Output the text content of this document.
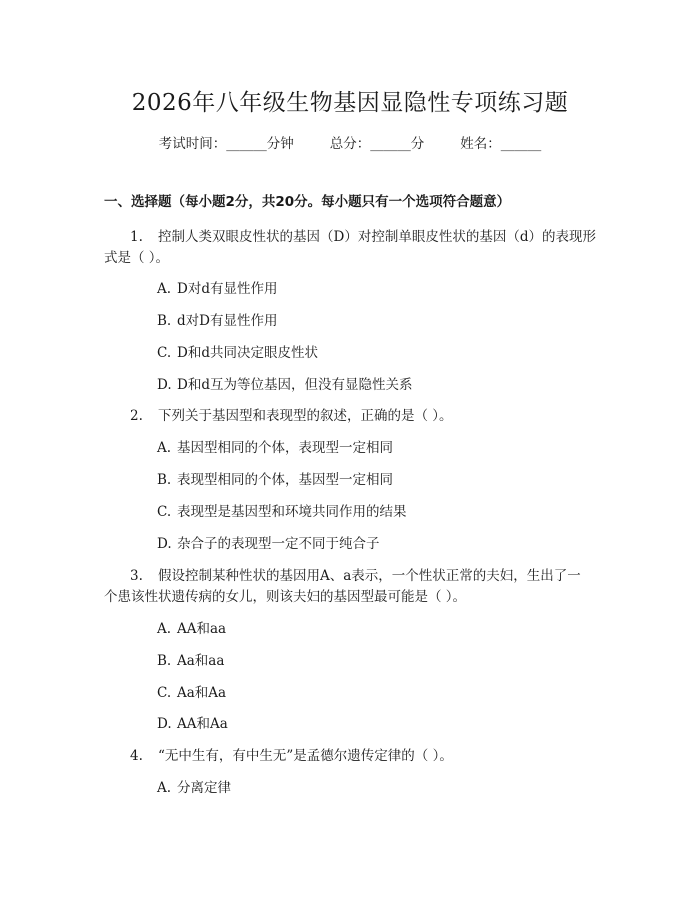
2026年八年级生物基因显隐性专项练习题
考试时间：______分钟	总分：______分	姓名：______
一、选择题（每小题2分，共20分。每小题只有一个选项符合题意）
1. 控制人类双眼皮性状的基因（D）对控制单眼皮性状的基因（d）的表现形
式是（ ）。
A. D对d有显性作用
B. d对D有显性作用
C. D和d共同决定眼皮性状
D. D和d互为等位基因，但没有显隐性关系
2. 下列关于基因型和表现型的叙述，正确的是（ ）。
A. 基因型相同的个体，表现型一定相同
B. 表现型相同的个体，基因型一定相同
C. 表现型是基因型和环境共同作用的结果
D. 杂合子的表现型一定不同于纯合子
3. 假设控制某种性状的基因用A、a表示，一个性状正常的夫妇，生出了一
个患该性状遗传病的女儿，则该夫妇的基因型最可能是（ ）。
A. AA和aa
B. Aa和aa
C. Aa和Aa
D. AA和Aa
4. “无中生有，有中生无”是孟德尔遗传定律的（ ）。
A. 分离定律
